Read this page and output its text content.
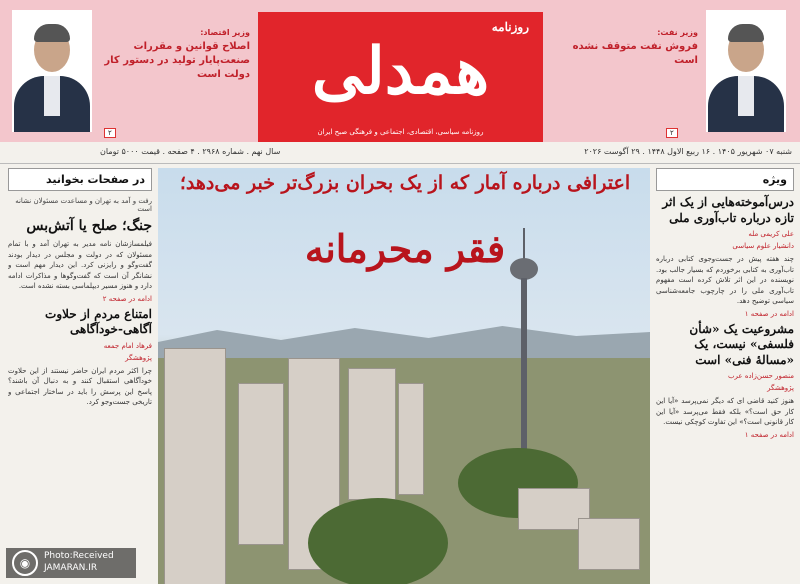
وزیر اقتصاد:
اصلاح قوانین و مقررات صنعت‌پایار تولید در دستور کار دولت است
۲
روزنامه
همدلی
روزنامه سیاسی، اقتصادی، اجتماعی و فرهنگی صبح ایران
وزیر نفت:
فروش نفت متوقف نشده است
۲
شنبه ۰۷ شهریور ۱۴۰۵ . ۱۶ ربیع الاول ۱۴۴۸ . ۲۹ آگوست ۲۰۲۶
سال نهم . شماره ۲۹۶۸ . ۴ صفحه . قیمت ۵۰۰۰ تومان
در صفحات بخوانید
رفت و آمد به تهران و مساعدت مسئولان نشانه است
جنگ؛ صلح یا آتش‌بس
فیلمسازشان نامه مدیر به تهران آمد و با تمام مسئولان که در دولت و مجلس در دیدار بودند گفت‌وگو و رایزنی کرد. این دیدار مهم است و نشانگر آن است که گفت‌وگوها و مذاکرات ادامه دارد و هنوز مسیر دیپلماسی بسته نشده است.
ادامه در صفحه ۲
امتناع مردم از حلاوت آگاهی-خودآگاهی
فرهاد امام جمعه
پژوهشگر
چرا اکثر مردم ایران حاضر نیستند از این حلاوت خودآگاهی استقبال کنند و به دنبال آن باشند؟ پاسخ این پرسش را باید در ساختار اجتماعی و تاریخی جست‌وجو کرد.
اعترافی درباره آمار که از یک بحران بزرگ‌تر خبر می‌دهد؛
فقر محرمانه
ویژه
درس‌آموخته‌هایی از یک اثر تازه درباره تاب‌آوری ملی
علی کریمی مله
دانشیار علوم سیاسی
چند هفته پیش در جست‌وجوی کتابی درباره تاب‌آوری به کتابی برخوردم که بسیار جالب بود. نویسنده در این اثر تلاش کرده است مفهوم تاب‌آوری ملی را در چارچوب جامعه‌شناسی سیاسی توضیح دهد.
ادامه در صفحه ۱
مشروعیت یک «شأن فلسفی» نیست، یک «مسالهٔ فنی» است
منصور حسن‌زاده عرب
پژوهشگر
هنوز کنید قاضی ای که دیگر نمی‌پرسد «آیا این کار حق است؟» بلکه فقط می‌پرسد «آیا این کار قانونی است؟» این تفاوت کوچکی نیست.
ادامه در صفحه ۱
◉	Photo:Received
JAMARAN.IR
